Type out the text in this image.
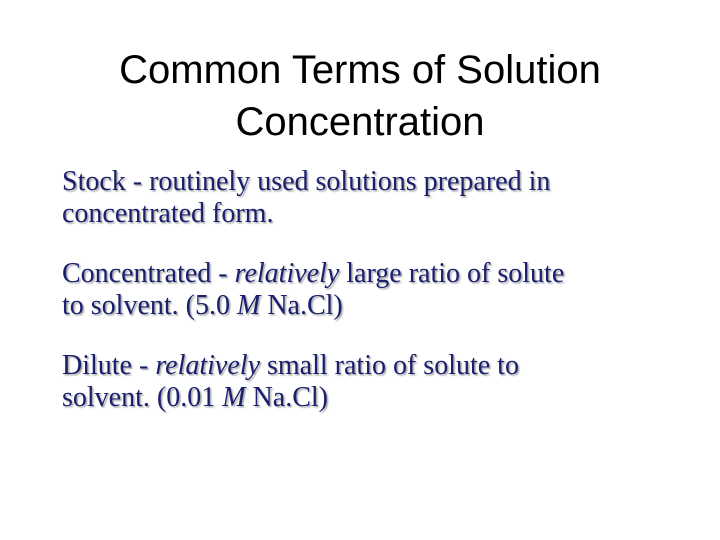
Common Terms of Solution
Concentration
Stock - routinely used solutions prepared in
concentrated form.
Concentrated - relatively large ratio of solute
to solvent. (5.0 M Na.Cl)
Dilute - relatively small ratio of solute to
solvent. (0.01 M Na.Cl)
